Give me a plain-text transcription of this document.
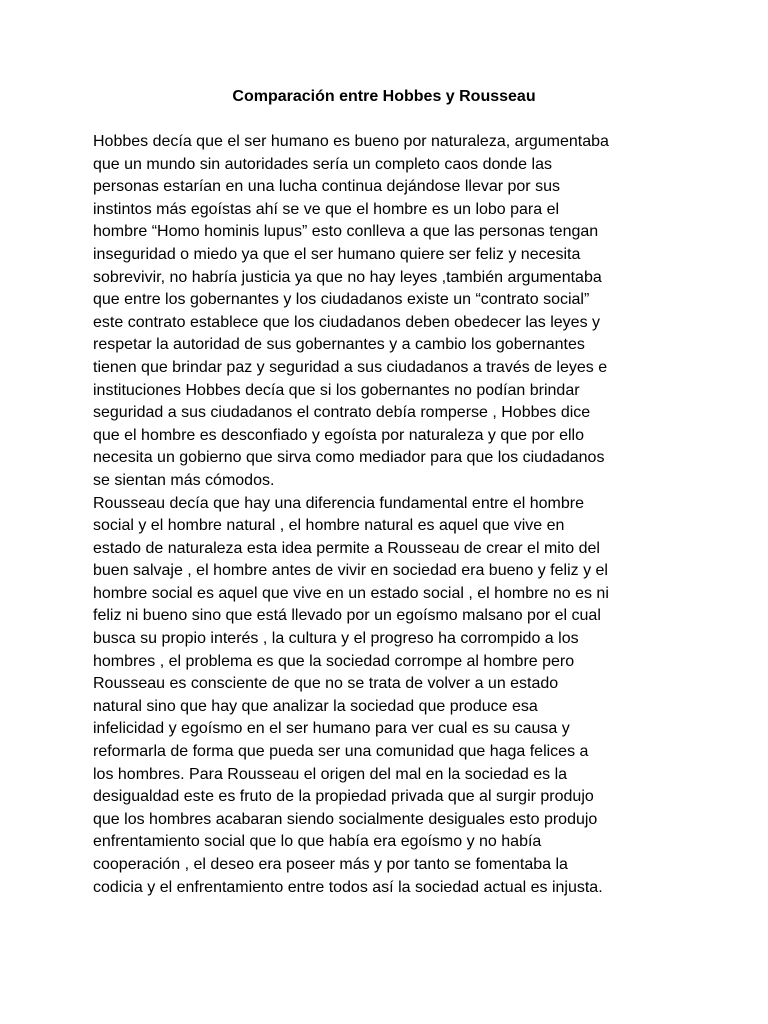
Comparación entre Hobbes y Rousseau
Hobbes decía que el ser humano es bueno por naturaleza, argumentaba
que un mundo sin autoridades sería un completo caos donde las
personas estarían en una lucha continua dejándose llevar por sus
instintos más egoístas ahí se ve que el hombre es un lobo para el
hombre “Homo hominis lupus” esto conlleva a que las personas tengan
inseguridad o miedo ya que el ser humano quiere ser feliz y necesita
sobrevivir, no habría justicia ya que no hay leyes ,también argumentaba
que entre los gobernantes y los ciudadanos existe un “contrato social”
este contrato establece que los ciudadanos deben obedecer las leyes y
respetar la autoridad de sus gobernantes y a cambio los gobernantes
tienen que brindar paz y seguridad a sus ciudadanos a través de leyes e
instituciones Hobbes decía que si los gobernantes no podían brindar
seguridad a sus ciudadanos el contrato debía romperse , Hobbes dice
que el hombre es desconfiado y egoísta por naturaleza y que por ello
necesita un gobierno que sirva como mediador para que los ciudadanos
se sientan más cómodos.
Rousseau decía que hay una diferencia fundamental entre el hombre
social y el hombre natural , el hombre natural es aquel que vive en
estado de naturaleza esta idea permite a Rousseau de crear el mito del
buen salvaje , el hombre antes de vivir en sociedad era bueno y feliz y el
hombre social es aquel que vive en un estado social , el hombre no es ni
feliz ni bueno sino que está llevado por un egoísmo malsano por el cual
busca su propio interés , la cultura y el progreso ha corrompido a los
hombres , el problema es que la sociedad corrompe al hombre pero
Rousseau es consciente de que no se trata de volver a un estado
natural sino que hay que analizar la sociedad que produce esa
infelicidad y egoísmo en el ser humano para ver cual es su causa y
reformarla de forma que pueda ser una comunidad que haga felices a
los hombres. Para Rousseau el origen del mal en la sociedad es la
desigualdad este es fruto de la propiedad privada que al surgir produjo
que los hombres acabaran siendo socialmente desiguales esto produjo
enfrentamiento social que lo que había era egoísmo y no había
cooperación , el deseo era poseer más y por tanto se fomentaba la
codicia y el enfrentamiento entre todos así la sociedad actual es injusta.
